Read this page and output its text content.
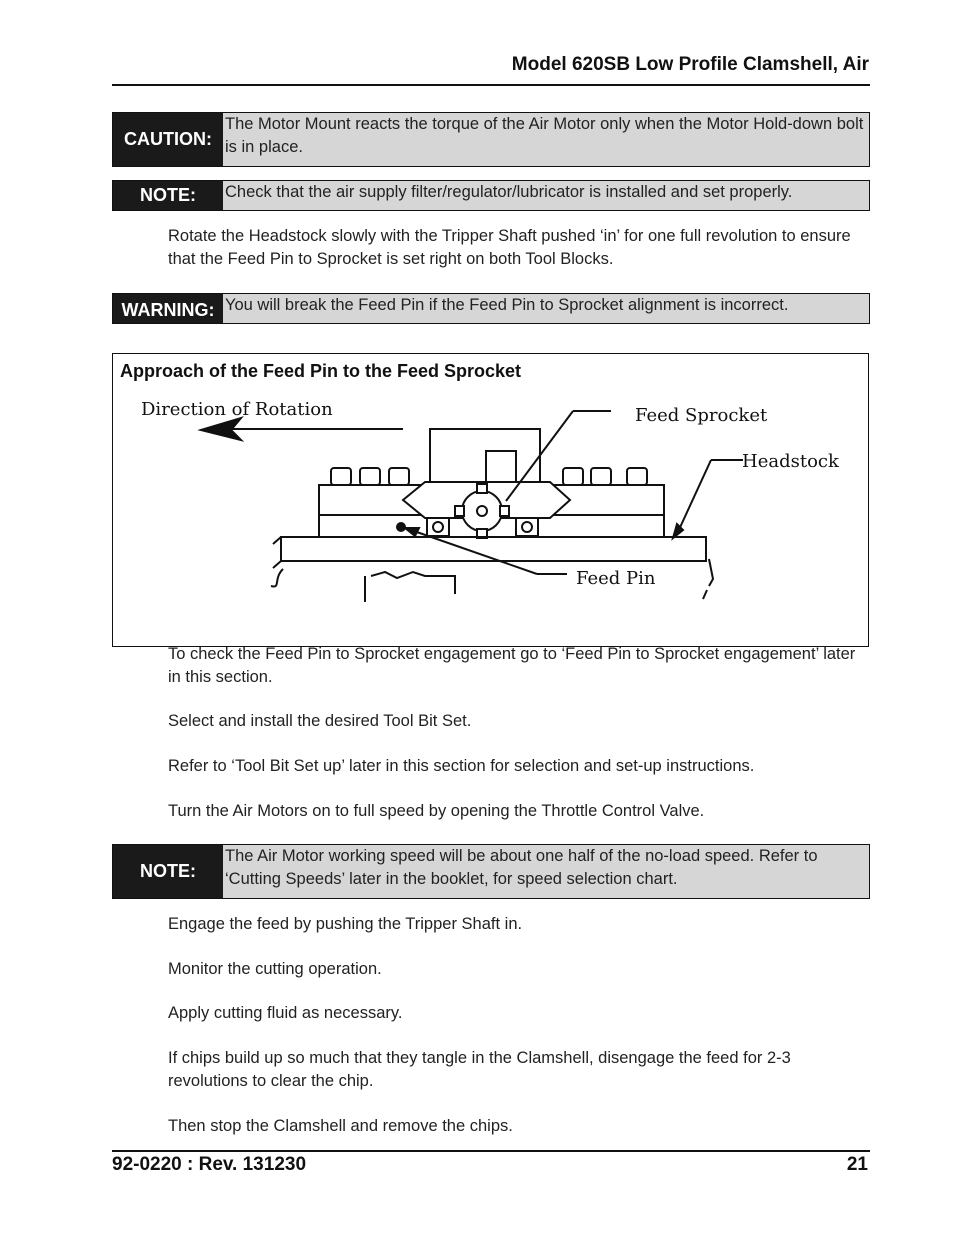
Model 620SB Low Profile Clamshell, Air
CAUTION:
The Motor Mount reacts the torque of the Air Motor only when the Motor Hold-down bolt is in place.
NOTE:	Check that the air supply filter/regulator/lubricator is installed and set properly.
Rotate the Headstock slowly with the Tripper Shaft pushed ‘in’ for one full revolution to ensure that the Feed Pin to Sprocket is set right on both Tool Blocks.
WARNING: You will break the Feed Pin if the Feed Pin to Sprocket alignment is incorrect.
Approach of the Feed Pin to the Feed Sprocket
Direction of Rotation	Feed Sprocket
Headstock
Feed Pin
To check the Feed Pin to Sprocket engagement go to ‘Feed Pin to Sprocket engagement’ later in this section.
Select and install the desired Tool Bit Set.
Refer to ‘Tool Bit Set up’ later in this section for selection and set-up instructions.
Turn the Air Motors on to full speed by opening the Throttle Control Valve.
NOTE:
The Air Motor working speed will be about one half of the no-load speed. Refer to ‘Cutting Speeds’ later in the booklet, for speed selection chart.
Engage the feed by pushing the Tripper Shaft in.
Monitor the cutting operation.
Apply cutting fluid as necessary.
If chips build up so much that they tangle in the Clamshell, disengage the feed for 2-3 revolutions to clear the chip.
Then stop the Clamshell and remove the chips.
92-0220 : Rev. 131230	21
